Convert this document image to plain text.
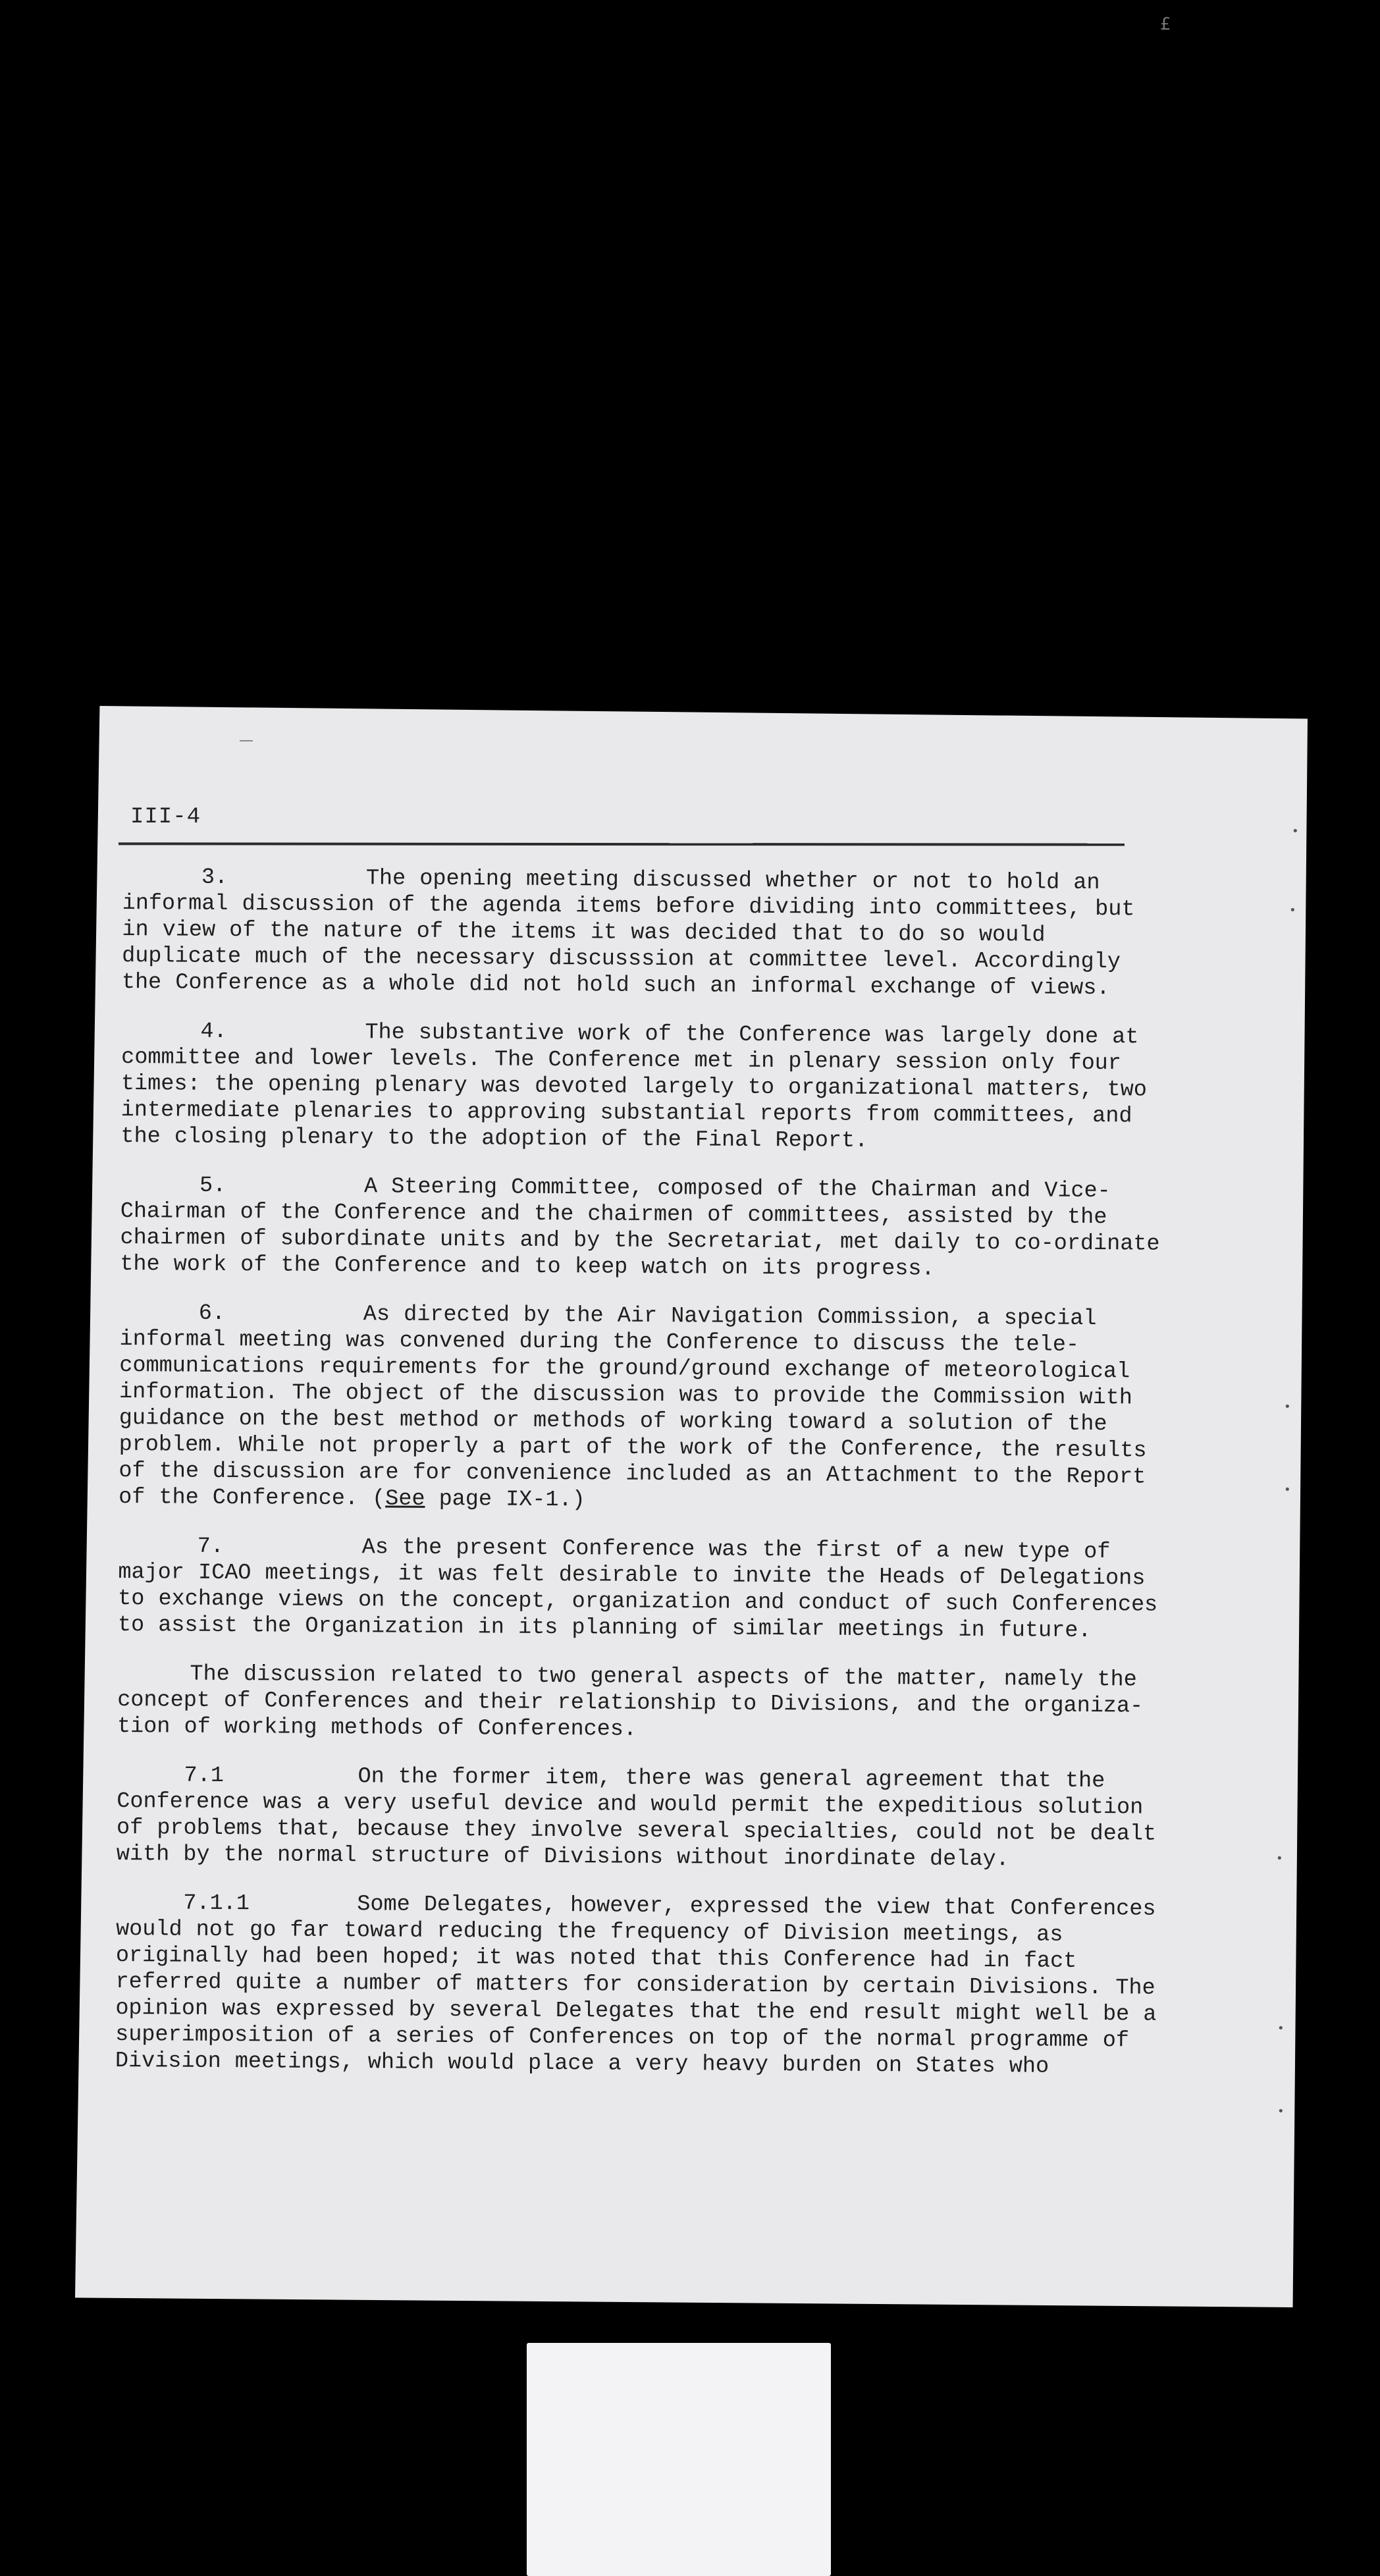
£
III-4

3.	The opening meeting discussed whether or not to hold an informal discussion of the agenda items before dividing into committees, but in view of the nature of the items it was decided that to do so would duplicate much of the necessary discusssion at committee level. Accordingly the Conference as a whole did not hold such an informal exchange of views.

4.	The substantive work of the Conference was largely done at committee and lower levels. The Conference met in plenary session only four times: the opening plenary was devoted largely to organizational matters, two intermediate plenaries to approving substantial reports from committees, and the closing plenary to the adoption of the Final Report.

5.	A Steering Committee, composed of the Chairman and Vice-Chairman of the Conference and the chairmen of committees, assisted by the chairmen of subordinate units and by the Secretariat, met daily to co-ordinate the work of the Conference and to keep watch on its progress.

6.	As directed by the Air Navigation Commission, a special informal meeting was convened during the Conference to discuss the tele-communications requirements for the ground/ground exchange of meteorological information. The object of the discussion was to provide the Commission with guidance on the best method or methods of working toward a solution of the problem. While not properly a part of the work of the Conference, the results of the discussion are for convenience included as an Attachment to the Report of the Conference. (See page IX-1.)

7.	As the present Conference was the first of a new type of major ICAO meetings, it was felt desirable to invite the Heads of Delegations to exchange views on the concept, organization and conduct of such Conferences to assist the Organization in its planning of similar meetings in future.

The discussion related to two general aspects of the matter, namely the concept of Conferences and their relationship to Divisions, and the organiza-tion of working methods of Conferences.

7.1	On the former item, there was general agreement that the Conference was a very useful device and would permit the expeditious solution of problems that, because they involve several specialties, could not be dealt with by the normal structure of Divisions without inordinate delay.

7.1.1	Some Delegates, however, expressed the view that Conferences would not go far toward reducing the frequency of Division meetings, as originally had been hoped; it was noted that this Conference had in fact referred quite a number of matters for consideration by certain Divisions. The opinion was expressed by several Delegates that the end result might well be a superimposition of a series of Conferences on top of the normal programme of Division meetings, which would place a very heavy burden on States who

•
•
•
•
•
•
•
